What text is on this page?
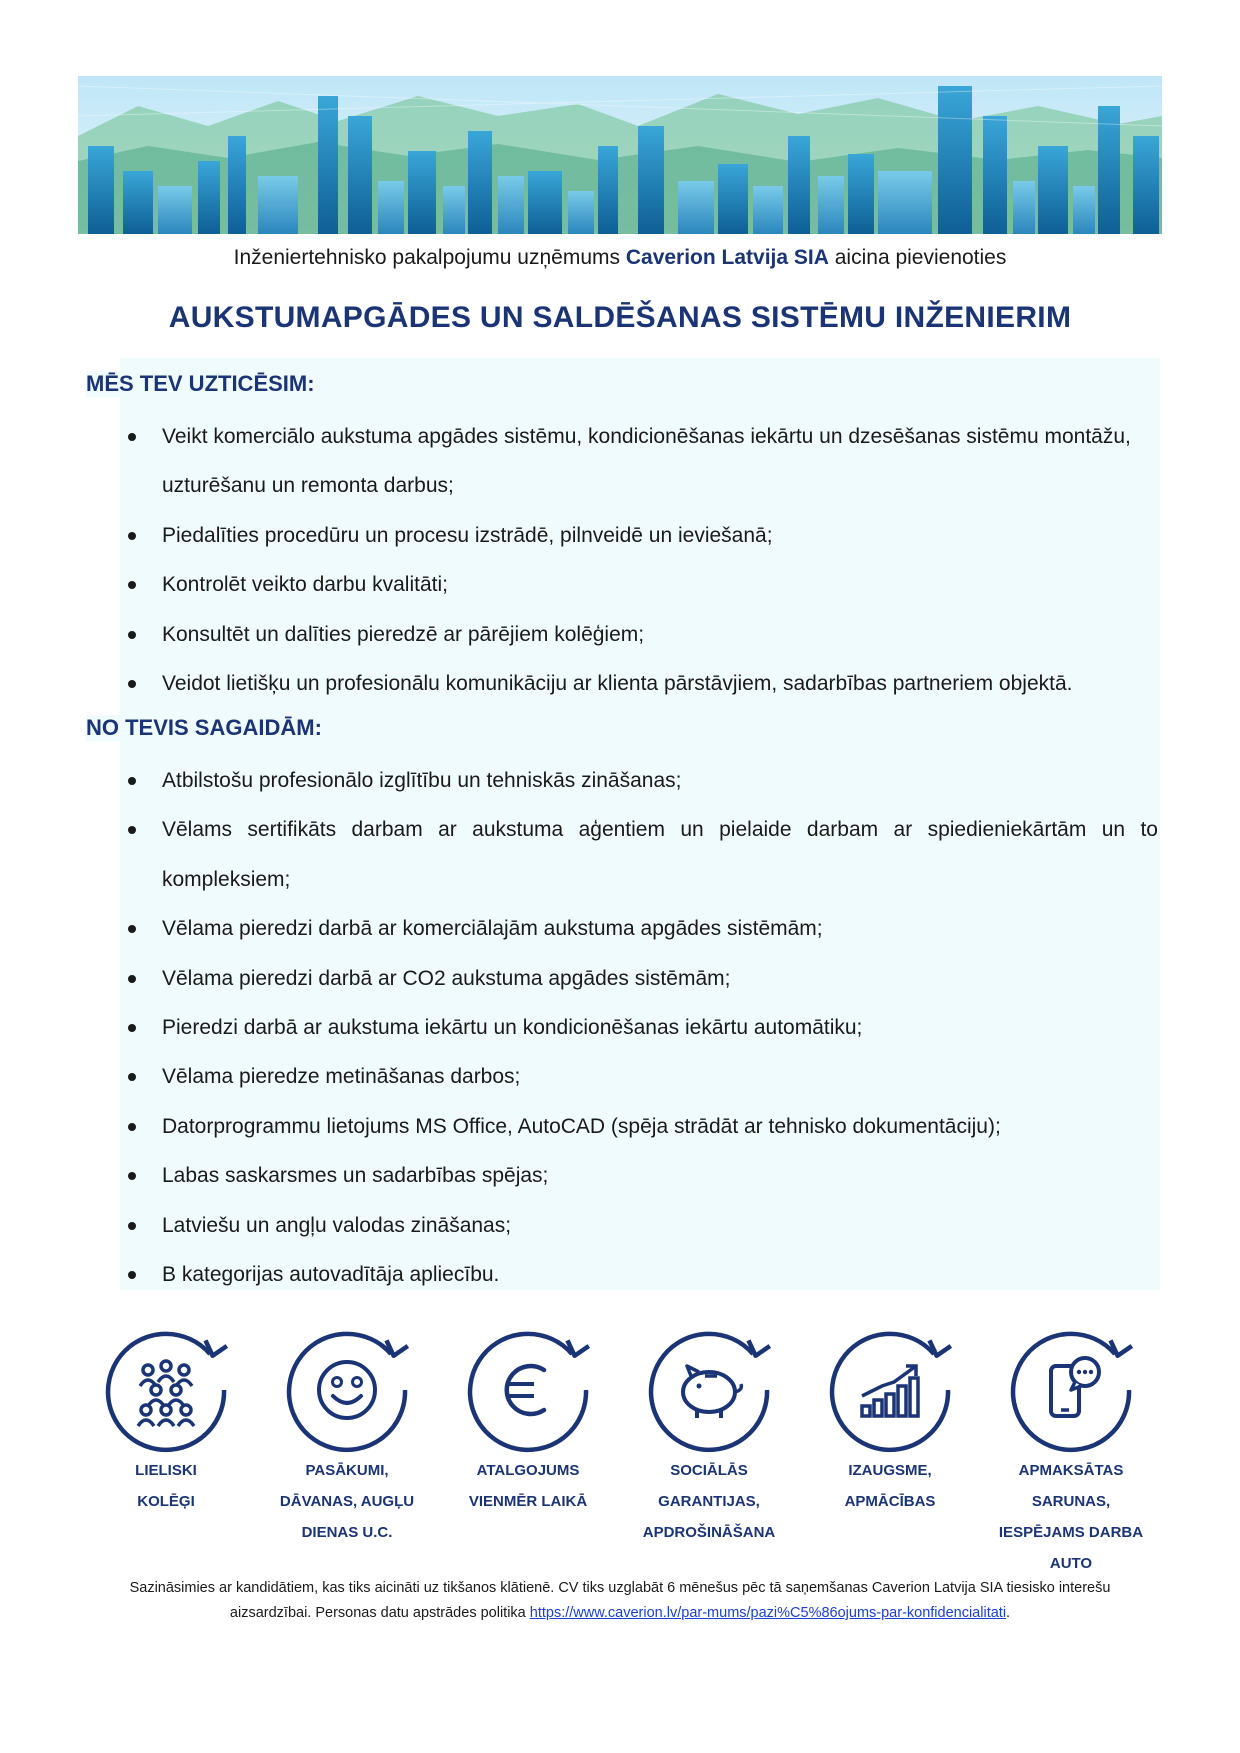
Inženiertehnisko pakalpojumu uzņēmums Caverion Latvija SIA aicina pievienoties
AUKSTUMAPGĀDES UN SALDĒŠANAS SISTĒMU INŽENIERIM
MĒS TEV UZTICĒSIM:
Veikt komerciālo aukstuma apgādes sistēmu, kondicionēšanas iekārtu un dzesēšanas sistēmu montāžu, uzturēšanu un remonta darbus;
Piedalīties procedūru un procesu izstrādē, pilnveidē un ieviešanā;
Kontrolēt veikto darbu kvalitāti;
Konsultēt un dalīties pieredzē ar pārējiem kolēģiem;
Veidot lietišķu un profesionālu komunikāciju ar klienta pārstāvjiem, sadarbības partneriem objektā.
NO TEVIS SAGAIDĀM:
Atbilstošu profesionālo izglītību un tehniskās zināšanas;
Vēlams sertifikāts darbam ar aukstuma aģentiem un pielaide darbam ar spiedieniekārtām un to kompleksiem;
Vēlama pieredzi darbā ar komerciālajām aukstuma apgādes sistēmām;
Vēlama pieredzi darbā ar CO2 aukstuma apgādes sistēmām;
Pieredzi darbā ar aukstuma iekārtu un kondicionēšanas iekārtu automātiku;
Vēlama pieredze metināšanas darbos;
Datorprogrammu lietojums MS Office, AutoCAD (spēja strādāt ar tehnisko dokumentāciju);
Labas saskarsmes un sadarbības spējas;
Latviešu un angļu valodas zināšanas;
B kategorijas autovadītāja apliecību.
LIELISKI
KOLĒĢI
PASĀKUMI,
DĀVANAS, AUGĻU
DIENAS U.C.
ATALGOJUMS
VIENMĒR LAIKĀ
SOCIĀLĀS
GARANTIJAS,
APDROŠINĀŠANA
IZAUGSME,
APMĀCĪBAS
APMAKSĀTAS
SARUNAS,
IESPĒJAMS DARBA
AUTO
Sazināsimies ar kandidātiem, kas tiks aicināti uz tikšanos klātienē. CV tiks uzglabāt 6 mēnešus pēc tā saņemšanas Caverion Latvija SIA tiesisko interešu aizsardzībai. Personas datu apstrādes politika https://www.caverion.lv/par-mums/pazi%C5%86ojums-par-konfidencialitati.
